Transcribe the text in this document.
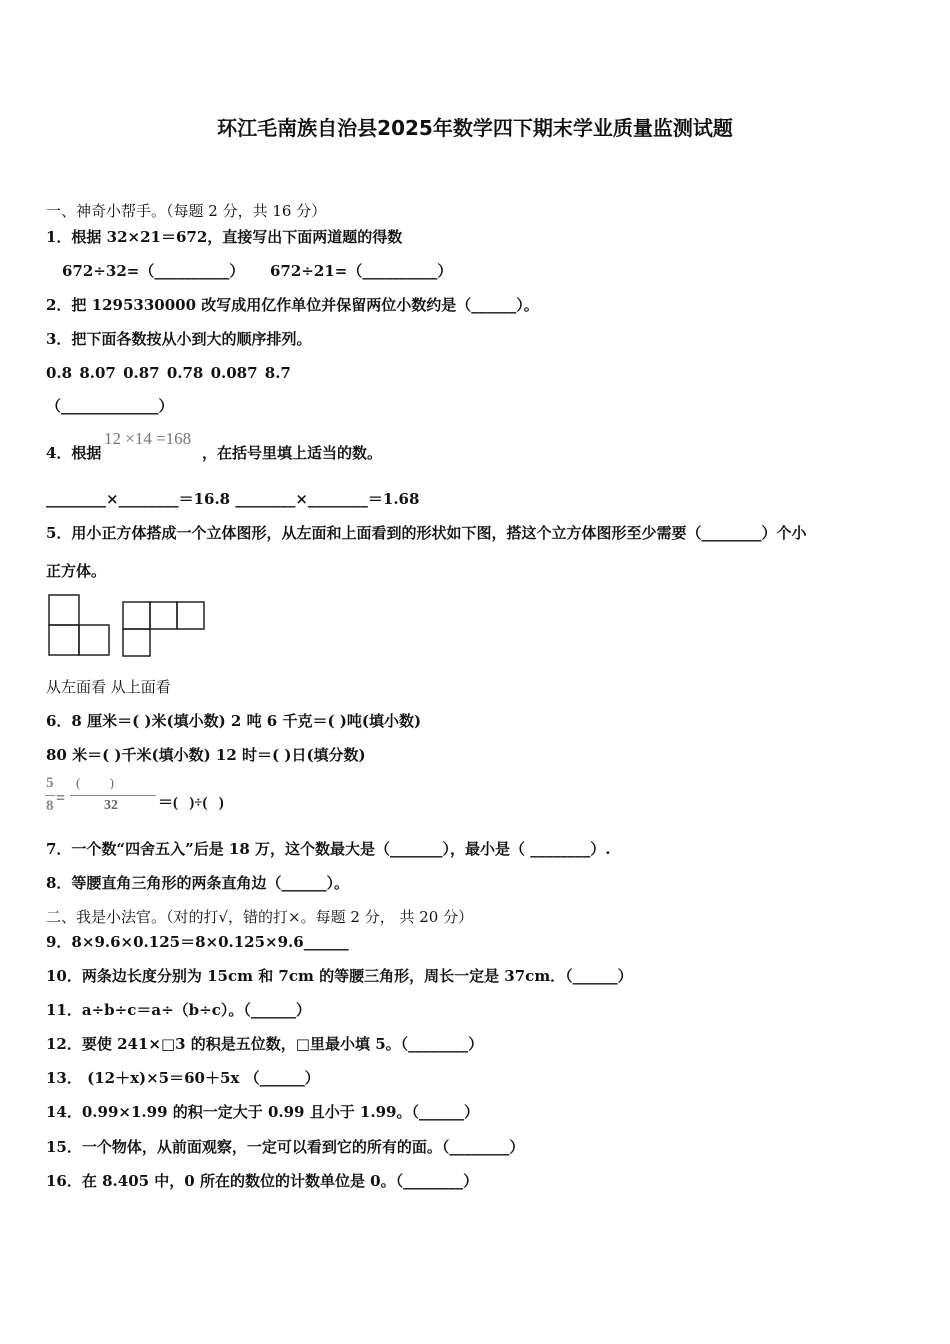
环江毛南族自治县2025年数学四下期末学业质量监测试题
一、神奇小帮手。（每题 2 分，共 16 分）
1．根据 32×21＝672，直接写出下面两道题的得数
672÷32=（__________） 672÷21=（__________）
2．把 1295330000 改写成用亿作单位并保留两位小数约是（______）。
3．把下面各数按从小到大的顺序排列。
0.8 8.07 0.87 0.78 0.087 8.7
（_____________）
4．根据
12 ×14 =168
，在括号里填上适当的数。
________×________＝16.8 ________×________＝1.68
5．用小正方体搭成一个立体图形，从左面和上面看到的形状如下图，搭这个立方体图形至少需要（________）个小
正方体。
从左面看 从上面看
6．8 厘米＝( )米(填小数) 2 吨 6 千克＝( )吨(填小数)
80 米＝( )千米(填小数) 12 时＝( )日(填分数)
5
8 =
(         )
32	＝(   )÷(   )
7．一个数“四舍五入”后是 18 万，这个数最大是（_______），最小是（ ________）.
8．等腰直角三角形的两条直角边（______）。
二、我是小法官。（对的打√，错的打×。每题 2 分， 共 20 分）
9．8×9.6×0.125＝8×0.125×9.6______
10．两条边长度分别为 15cm 和 7cm 的等腰三角形，周长一定是 37cm．（______）
11．a÷b÷c＝a÷（b÷c）。（______）
12．要使 241×□3 的积是五位数，□里最小填 5。（________）
13． (12＋x)×5＝60＋5x （______）
14．0.99×1.99 的积一定大于 0.99 且小于 1.99。（______）
15．一个物体，从前面观察，一定可以看到它的所有的面。（________）
16．在 8.405 中，0 所在的数位的计数单位是 0。（________）
